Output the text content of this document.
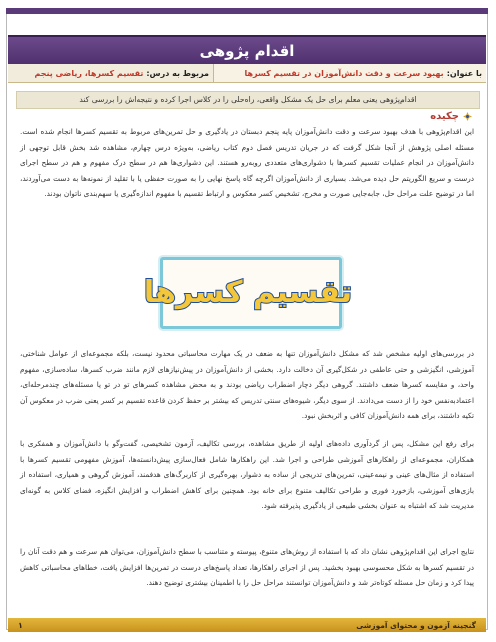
اقدام پژوهی
با عنوان:
بهبود سرعت و دقت دانش‌آموزان در تقسیم کسرها
مربوط به درس:
تقسیم کسرها، ریاضی پنجم
اقدام‌پژوهی یعنی معلم برای حل یک مشکل واقعی، راه‌حلی را در کلاس اجرا کرده و نتیجه‌اش را بررسی کند
چکیده
این اقدام‌پژوهی با هدف بهبود سرعت و دقت دانش‌آموزان پایه پنجم دبستان در یادگیری و حل تمرین‌های مربوط به تقسیم کسرها انجام شده است. مسئله اصلی پژوهش از آنجا شکل گرفت که در جریان تدریس فصل دوم کتاب ریاضی، به‌ویژه درس چهارم، مشاهده شد بخش قابل توجهی از دانش‌آموزان در انجام عملیات تقسیم کسرها با دشواری‌های متعددی روبه‌رو هستند. این دشواری‌ها هم در سطح درک مفهوم و هم در سطح اجرای درست و سریع الگوریتم حل دیده می‌شد. بسیاری از دانش‌آموزان اگرچه گاه پاسخ نهایی را به صورت حفظی یا با تقلید از نمونه‌ها به دست می‌آوردند، اما در توضیح علت مراحل حل، جابه‌جایی صورت و مخرج، تشخیص کسر معکوس و ارتباط تقسیم با مفهوم اندازه‌گیری یا سهم‌بندی ناتوان بودند.
تقسیم کسرها
در بررسی‌های اولیه مشخص شد که مشکل دانش‌آموزان تنها به ضعف در یک مهارت محاسباتی محدود نیست، بلکه مجموعه‌ای از عوامل شناختی، آموزشی، انگیزشی و حتی عاطفی در شکل‌گیری آن دخالت دارد. بخشی از دانش‌آموزان در پیش‌نیازهای لازم مانند ضرب کسرها، ساده‌سازی، مفهوم واحد، و مقایسه کسرها ضعف داشتند. گروهی دیگر دچار اضطراب ریاضی بودند و به محض مشاهده کسرهای تو در تو یا مسئله‌های چندمرحله‌ای، اعتمادبه‌نفس خود را از دست می‌دادند. از سوی دیگر، شیوه‌های سنتی تدریس که بیشتر بر حفظ کردن قاعده تقسیم بر کسر یعنی ضرب در معکوس آن تکیه داشتند، برای همه دانش‌آموزان کافی و اثربخش نبود.
برای رفع این مشکل، پس از گردآوری داده‌های اولیه از طریق مشاهده، بررسی تکالیف، آزمون تشخیصی، گفت‌وگو با دانش‌آموزان و همفکری با همکاران، مجموعه‌ای از راهکارهای آموزشی طراحی و اجرا شد. این راهکارها شامل فعال‌سازی پیش‌دانسته‌ها، آموزش مفهومی تقسیم کسرها با استفاده از مثال‌های عینی و نیمه‌عینی، تمرین‌های تدریجی از ساده به دشوار، بهره‌گیری از کاربرگ‌های هدفمند، آموزش گروهی و همیاری، استفاده از بازی‌های آموزشی، بازخورد فوری و طراحی تکالیف متنوع برای خانه بود. همچنین برای کاهش اضطراب و افزایش انگیزه، فضای کلاس به گونه‌ای مدیریت شد که اشتباه به عنوان بخشی طبیعی از یادگیری پذیرفته شود.
نتایج اجرای این اقدام‌پژوهی نشان داد که با استفاده از روش‌های متنوع، پیوسته و متناسب با سطح دانش‌آموزان، می‌توان هم سرعت و هم دقت آنان را در تقسیم کسرها به شکل محسوسی بهبود بخشید. پس از اجرای راهکارها، تعداد پاسخ‌های درست در تمرین‌ها افزایش یافت، خطاهای محاسباتی کاهش پیدا کرد و زمان حل مسئله کوتاه‌تر شد و دانش‌آموزان توانستند مراحل حل را با اطمینان بیشتری توضیح دهند.
گنجینه آزمون و محتوای آموزشی
۱
